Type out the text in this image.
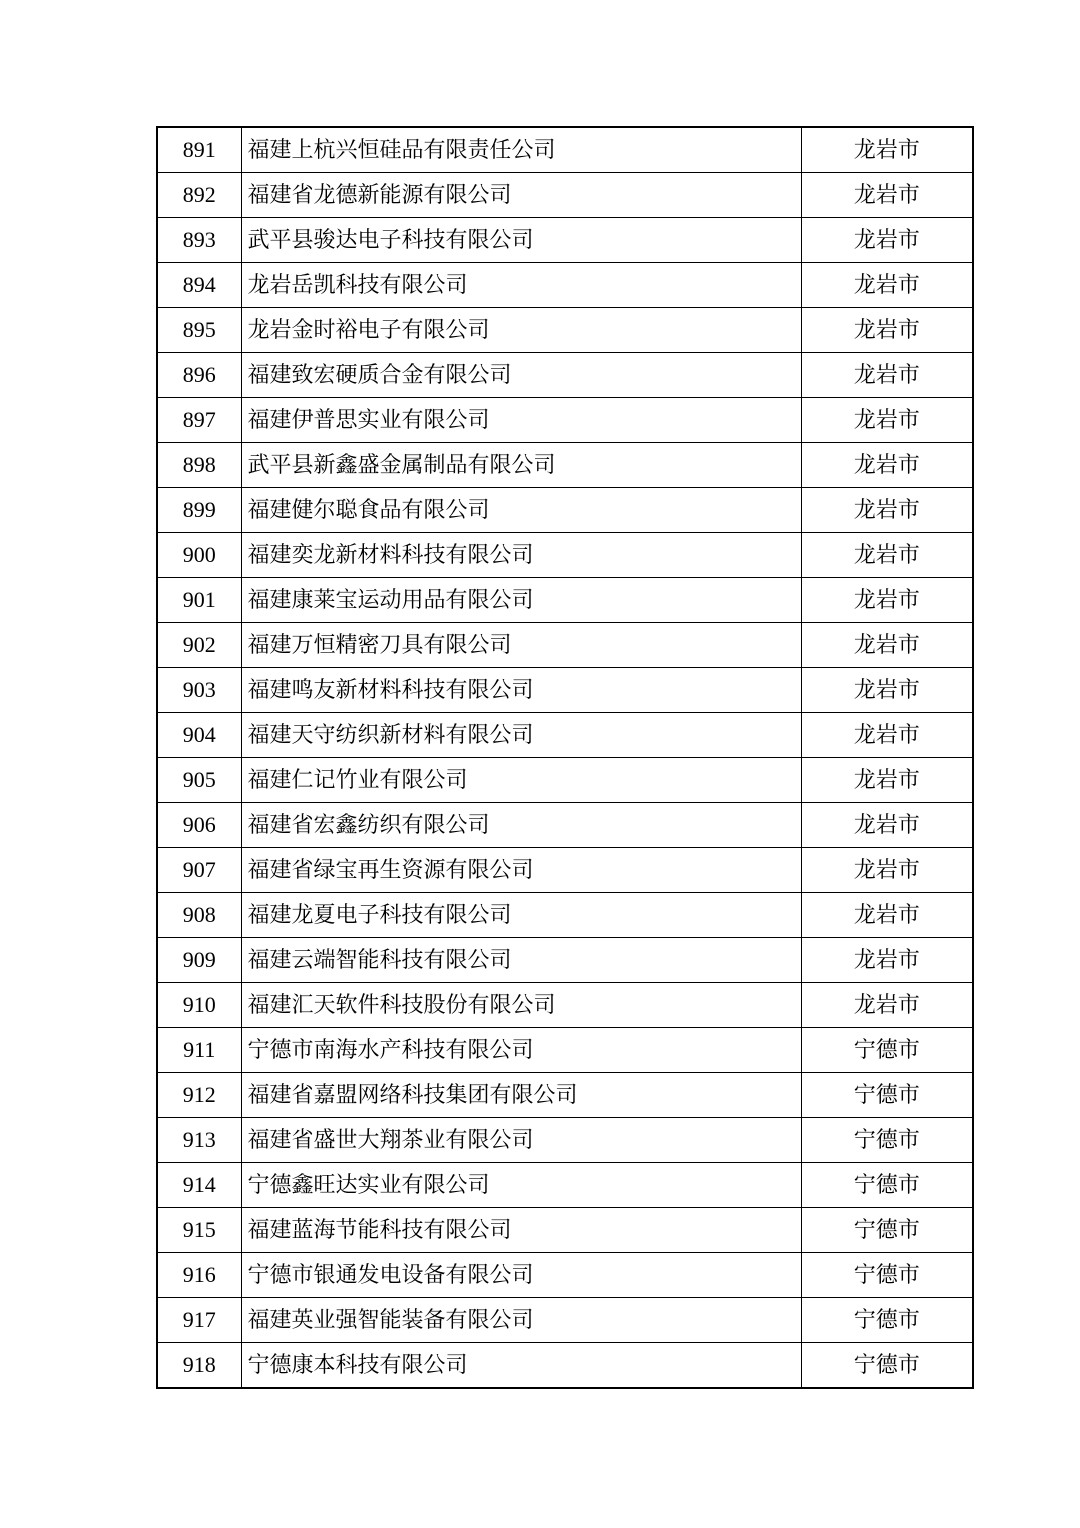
891	福建上杭兴恒硅品有限责任公司	龙岩市
892	福建省龙德新能源有限公司	龙岩市
893	武平县骏达电子科技有限公司	龙岩市
894	龙岩岳凯科技有限公司	龙岩市
895	龙岩金时裕电子有限公司	龙岩市
896	福建致宏硬质合金有限公司	龙岩市
897	福建伊普思实业有限公司	龙岩市
898	武平县新鑫盛金属制品有限公司	龙岩市
899	福建健尔聪食品有限公司	龙岩市
900	福建奕龙新材料科技有限公司	龙岩市
901	福建康莱宝运动用品有限公司	龙岩市
902	福建万恒精密刀具有限公司	龙岩市
903	福建鸣友新材料科技有限公司	龙岩市
904	福建天守纺织新材料有限公司	龙岩市
905	福建仁记竹业有限公司	龙岩市
906	福建省宏鑫纺织有限公司	龙岩市
907	福建省绿宝再生资源有限公司	龙岩市
908	福建龙夏电子科技有限公司	龙岩市
909	福建云端智能科技有限公司	龙岩市
910	福建汇天软件科技股份有限公司	龙岩市
911	宁德市南海水产科技有限公司	宁德市
912	福建省嘉盟网络科技集团有限公司	宁德市
913	福建省盛世大翔茶业有限公司	宁德市
914	宁德鑫旺达实业有限公司	宁德市
915	福建蓝海节能科技有限公司	宁德市
916	宁德市银通发电设备有限公司	宁德市
917	福建英业强智能装备有限公司	宁德市
918	宁德康本科技有限公司	宁德市
